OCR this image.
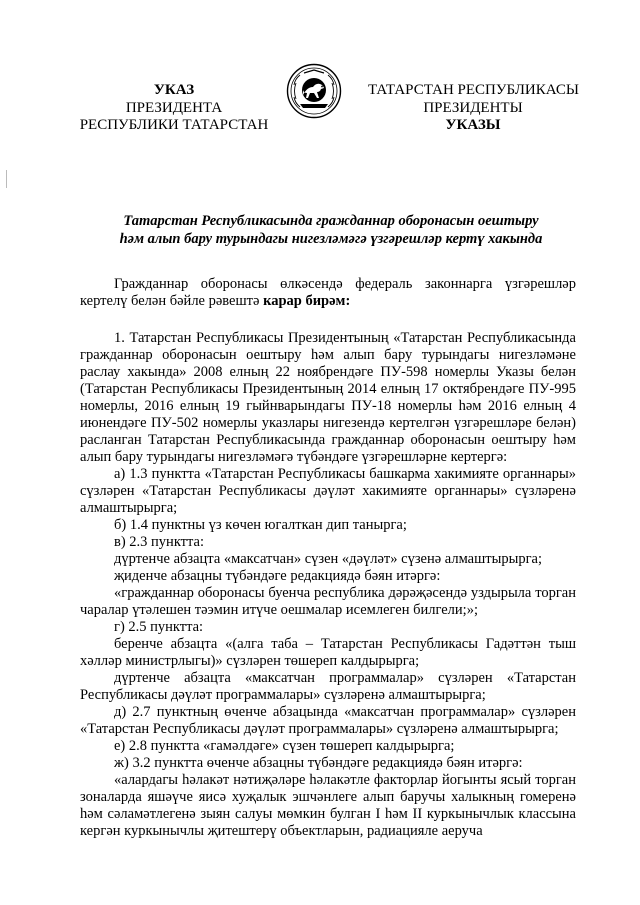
УКАЗ
ПРЕЗИДЕНТА
РЕСПУБЛИКИ ТАТАРСТАН
ТАТАРСТАН РЕСПУБЛИКАСЫ
ПРЕЗИДЕНТЫ
УКАЗЫ
Татарстан Республикасында гражданнар оборонасын оештыру
һәм алып бару турындагы нигезләмәгә үзгәрешләр кертү хакында

Гражданнар оборонасы өлкәсендә федераль законнарга үзгәрешләр кертелү белән бәйле рәвештә карар бирәм:

1. Татарстан Республикасы Президентының «Татарстан Республикасында гражданнар оборонасын оештыру һәм алып бару турындагы нигезләмәне раслау хакында» 2008 елның 22 ноябрендәге ПУ-598 номерлы Указы белән (Татарстан Республикасы Президентының 2014 елның 17 октябрендәге ПУ-995 номерлы, 2016 елның 19 гыйнварындагы ПУ-18 номерлы һәм 2016 елның 4 июнендәге ПУ-502 номерлы указлары нигезендә кертелгән үзгәрешләре белән) расланган Татарстан Республикасында гражданнар оборонасын оештыру һәм алып бару турындагы нигезләмәгә түбәндәге үзгәрешләрне кертергә:

а) 1.3 пунктта «Татарстан Республикасы башкарма хакимияте органнары» сүзләрен «Татарстан Республикасы дәүләт хакимияте органнары» сүзләренә алмаштырырга;

б) 1.4 пунктны үз көчен югалткан дип танырга;

в) 2.3 пунктта:

дүртенче абзацта «максатчан» сүзен «дәүләт» сүзенә алмаштырырга;

җиденче абзацны түбәндәге редакциядә бәян итәргә:

«гражданнар оборонасы буенча республика дәрәҗәсендә уздырыла торган чаралар үтәлешен тәэмин итүче оешмалар исемлеген билгели;»;

г) 2.5 пунктта:

беренче абзацта «(алга таба – Татарстан Республикасы Гадәттән тыш хәлләр министрлыгы)» сүзләрен төшереп калдырырга;

дүртенче абзацта «максатчан программалар» сүзләрен «Татарстан Республикасы дәүләт программалары» сүзләренә алмаштырырга;

д) 2.7 пунктның өченче абзацында «максатчан программалар» сүзләрен «Татарстан Республикасы дәүләт программалары» сүзләренә алмаштырырга;

е) 2.8 пунктта «гамәлдәге» сүзен төшереп калдырырга;

ж) 3.2 пунктта өченче абзацны түбәндәге редакциядә бәян итәргә:

«алардагы һәлакәт нәтиҗәләре һәлакәтле факторлар йогынты ясый торган зоналарда яшәүче яисә хуҗалык эшчәнлеге алып баручы халыкның гомеренә һәм сәламәтлегенә зыян салуы мөмкин булган I һәм II куркынычлык классына кергән куркынычлы җитештерү объектларын, радиацияле аеруча
